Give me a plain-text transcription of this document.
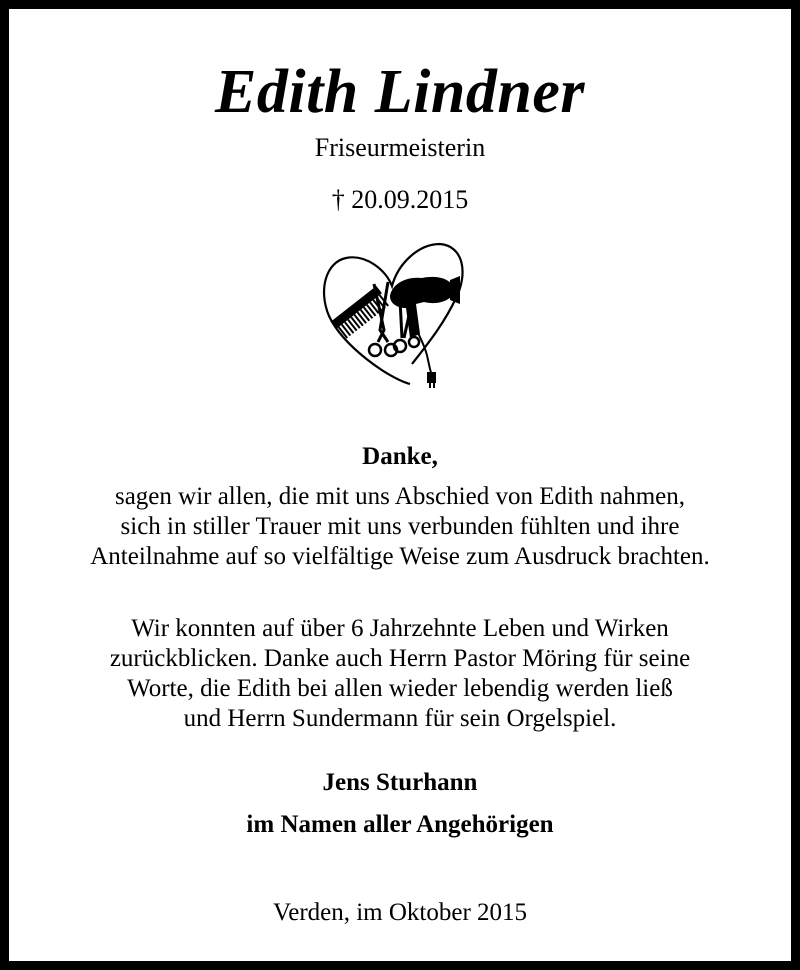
Edith Lindner
Friseurmeisterin
† 20.09.2015
Danke,
sagen wir allen, die mit uns Abschied von Edith nahmen,
sich in stiller Trauer mit uns verbunden fühlten und ihre
Anteilnahme auf so vielfältige Weise zum Ausdruck brachten.
Wir konnten auf über 6 Jahrzehnte Leben und Wirken
zurückblicken. Danke auch Herrn Pastor Möring für seine
Worte, die Edith bei allen wieder lebendig werden ließ
und Herrn Sundermann für sein Orgelspiel.
Jens Sturhann
im Namen aller Angehörigen
Verden, im Oktober 2015
